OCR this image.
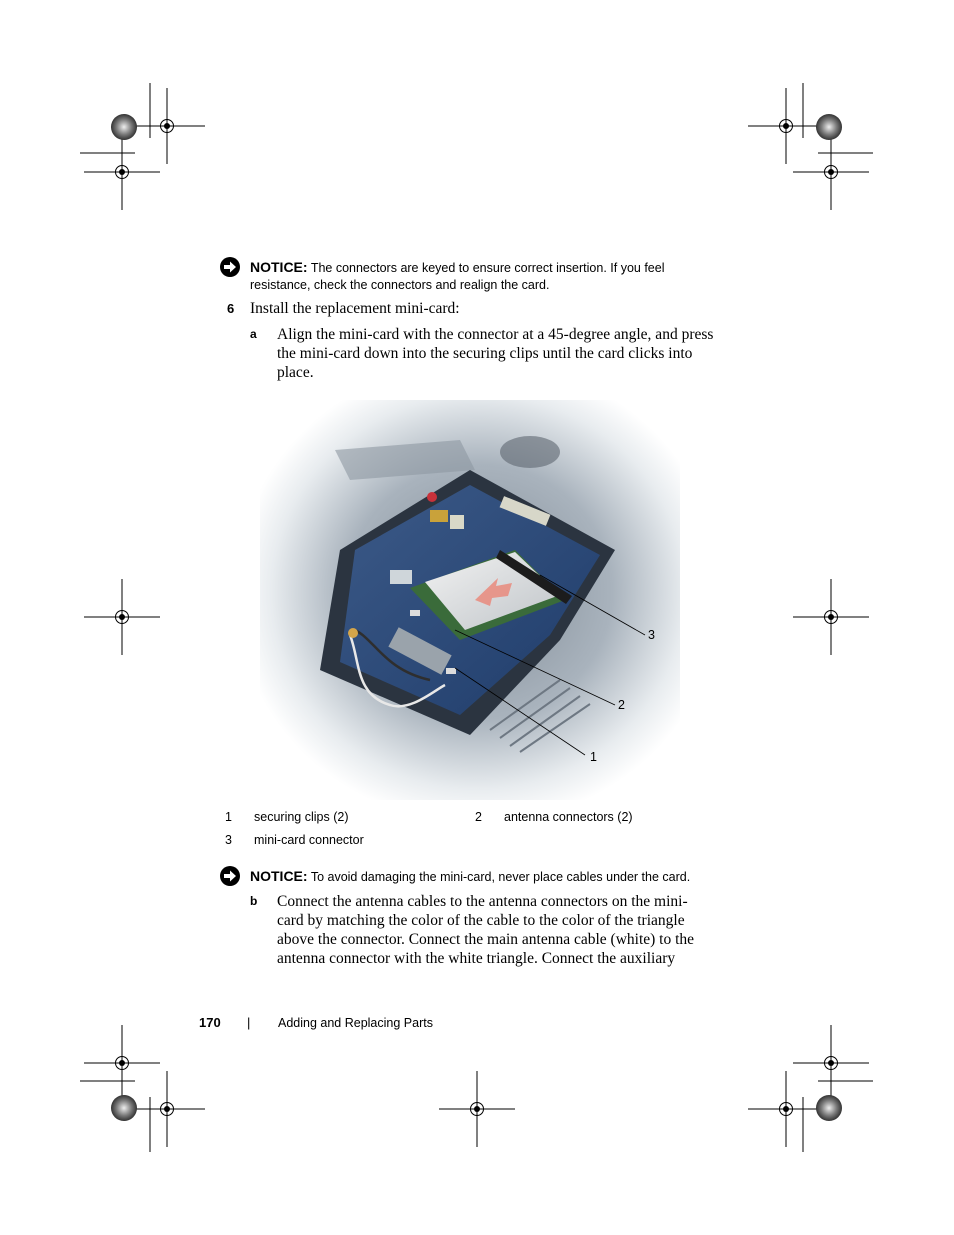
NOTICE: The connectors are keyed to ensure correct insertion. If you feel
resistance, check the connectors and realign the card.
6 Install the replacement mini-card:
a Align the mini-card with the connector at a 45-degree angle, and press
the mini-card down into the securing clips until the card clicks into
place.
3
2
1
1 securing clips (2)	2 antenna connectors (2)
3 mini-card connector
NOTICE: To avoid damaging the mini-card, never place cables under the card.
b Connect the antenna cables to the antenna connectors on the mini-
card by matching the color of the cable to the color of the triangle
above the connector. Connect the main antenna cable (white) to the
antenna connector with the white triangle. Connect the auxiliary
170 | Adding and Replacing Parts
